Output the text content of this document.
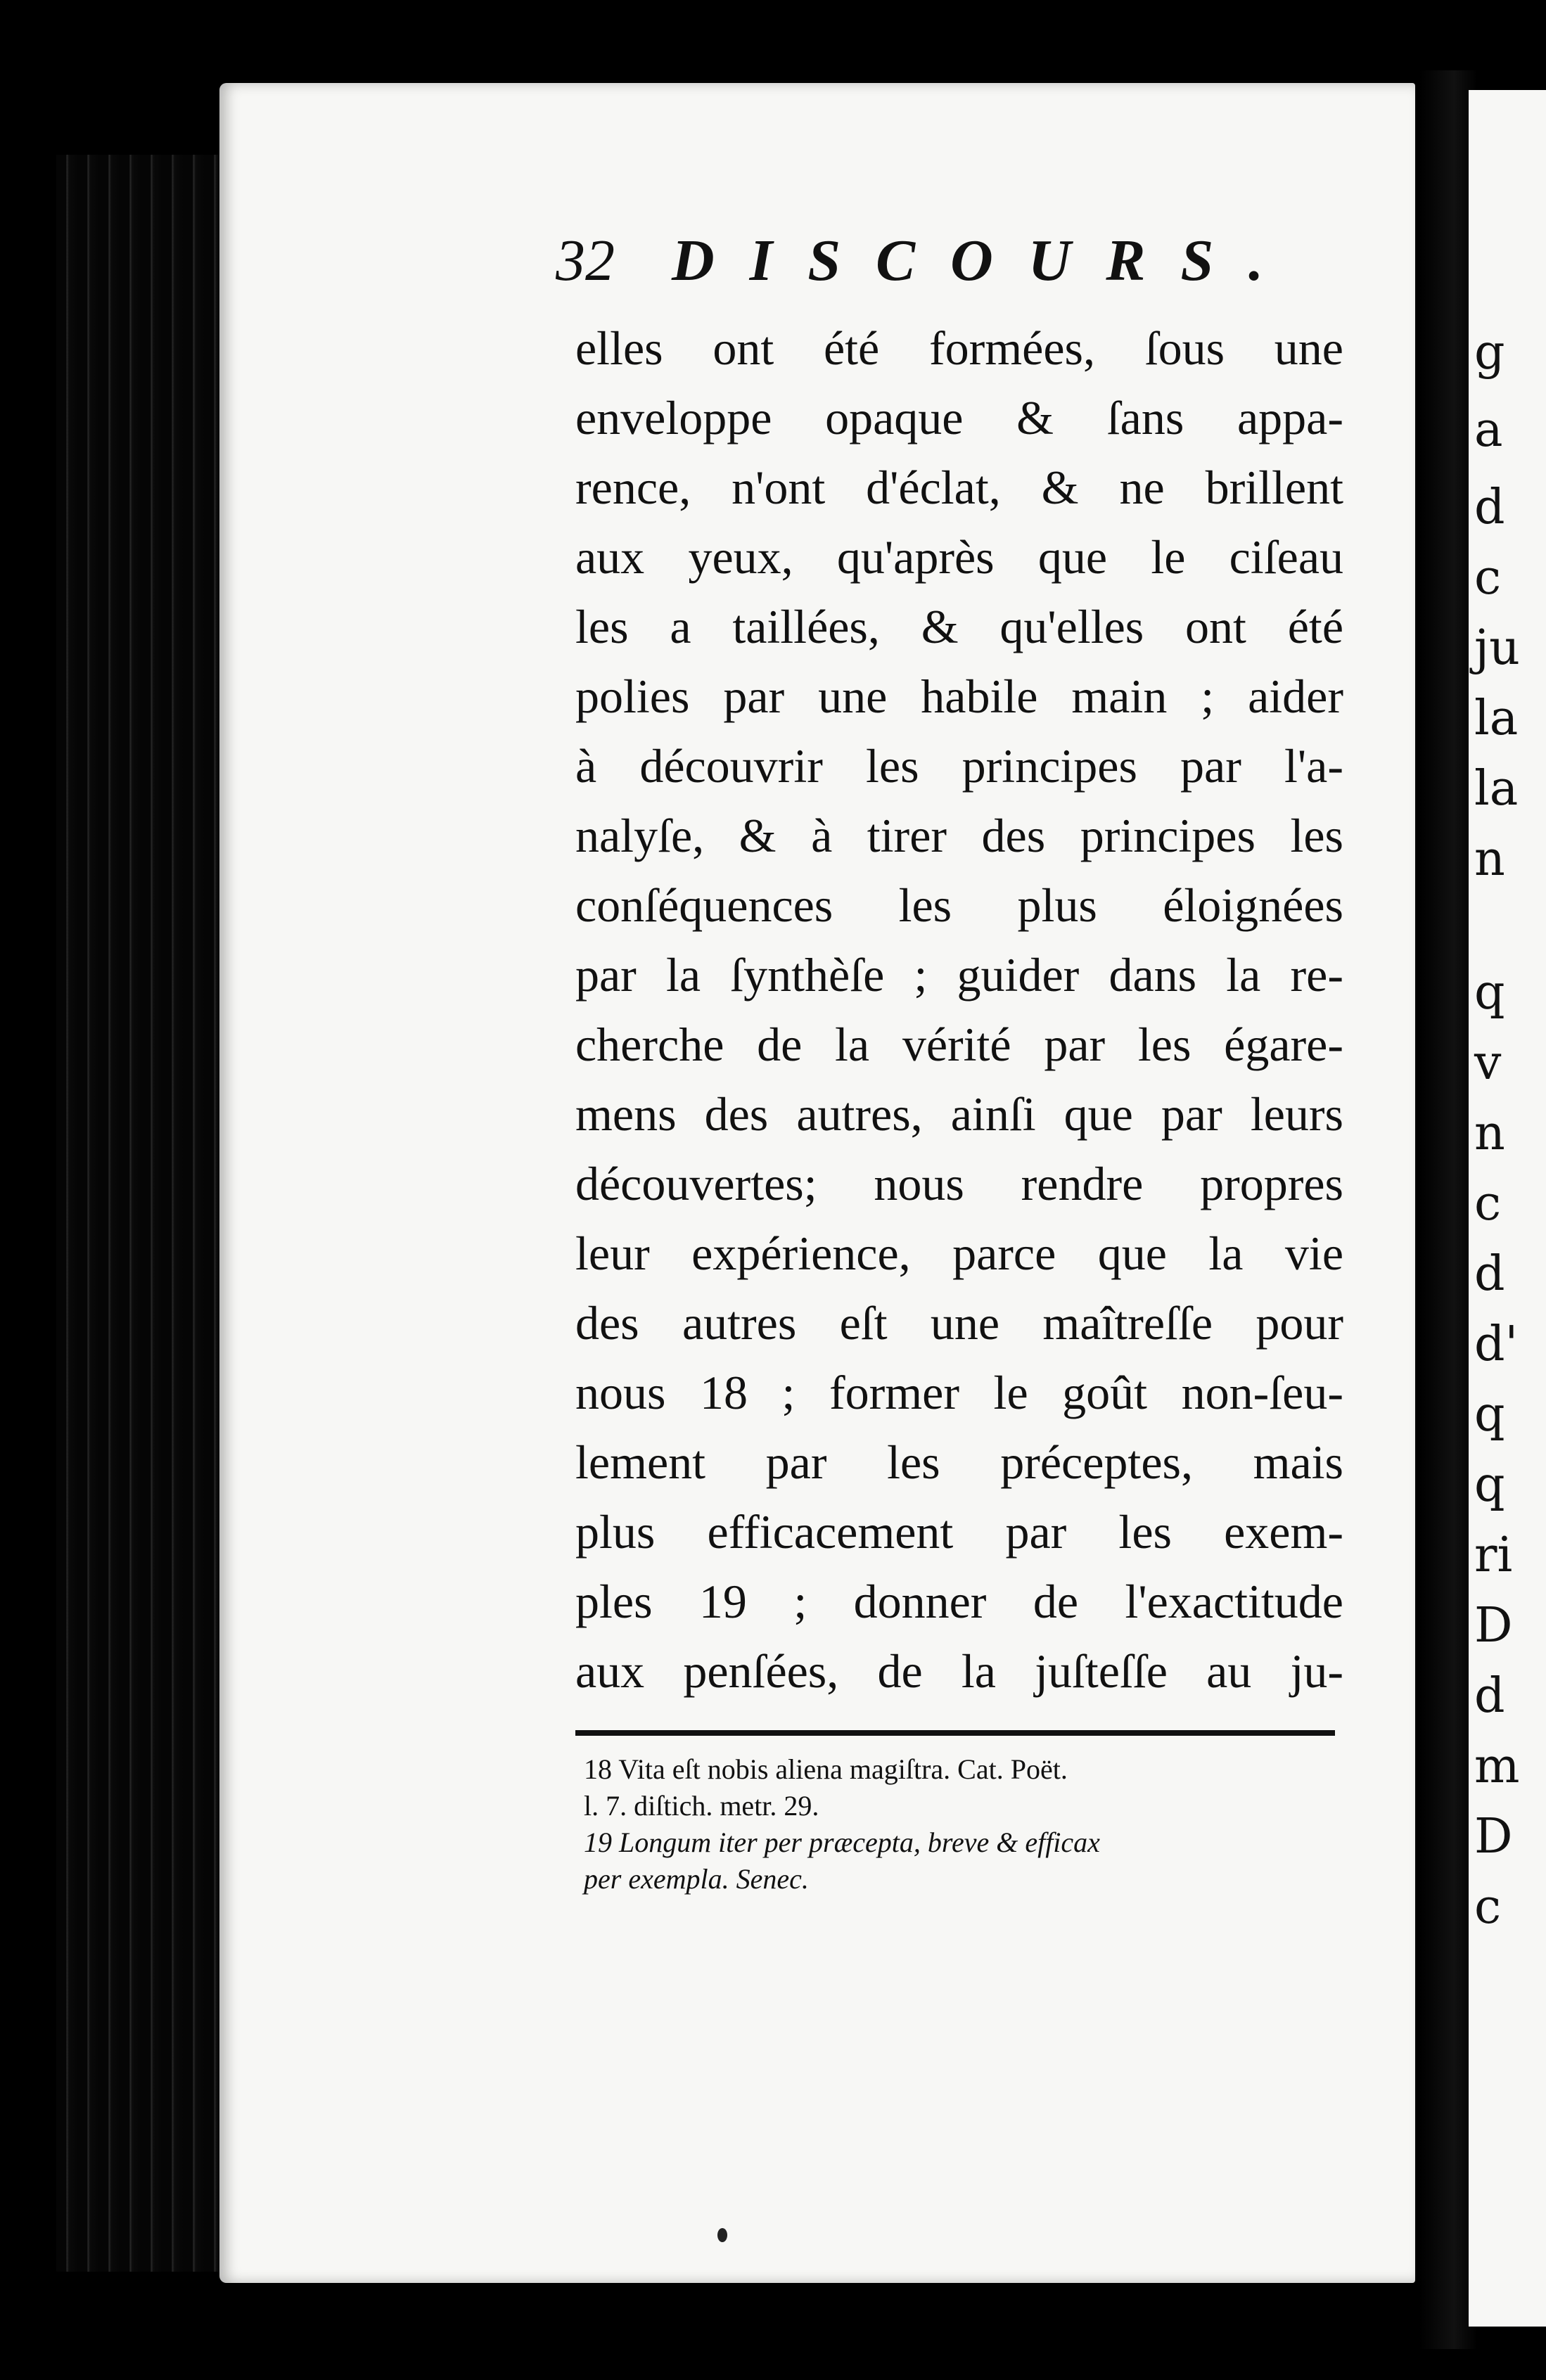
g
a
d
c
ju
la
la
n
q
v
n
c
d
d'
q
q
ri
D
d
m
D
c
32 DISCOURS.
elles ont été formées, ſous une
enveloppe opaque & ſans appa-
rence, n'ont d'éclat, & ne brillent
aux yeux, qu'après que le ciſeau
les a taillées, & qu'elles ont été
polies par une habile main ; aider
à découvrir les principes par l'a-
nalyſe, & à tirer des principes les
conſéquences les plus éloignées
par la ſynthèſe ; guider dans la re-
cherche de la vérité par les égare-
mens des autres, ainſi que par leurs
découvertes; nous rendre propres
leur expérience, parce que la vie
des autres eſt une maîtreſſe pour
nous 18 ; former le goût non-ſeu-
lement par les préceptes, mais
plus efficacement par les exem-
ples 19 ; donner de l'exactitude
aux penſées, de la juſteſſe au ju-
18 Vita eſt nobis aliena magiſtra. Cat. Poët.
l. 7. diſtich. metr. 29.
19 Longum iter per præcepta, breve & efficax
per exempla. Senec.
